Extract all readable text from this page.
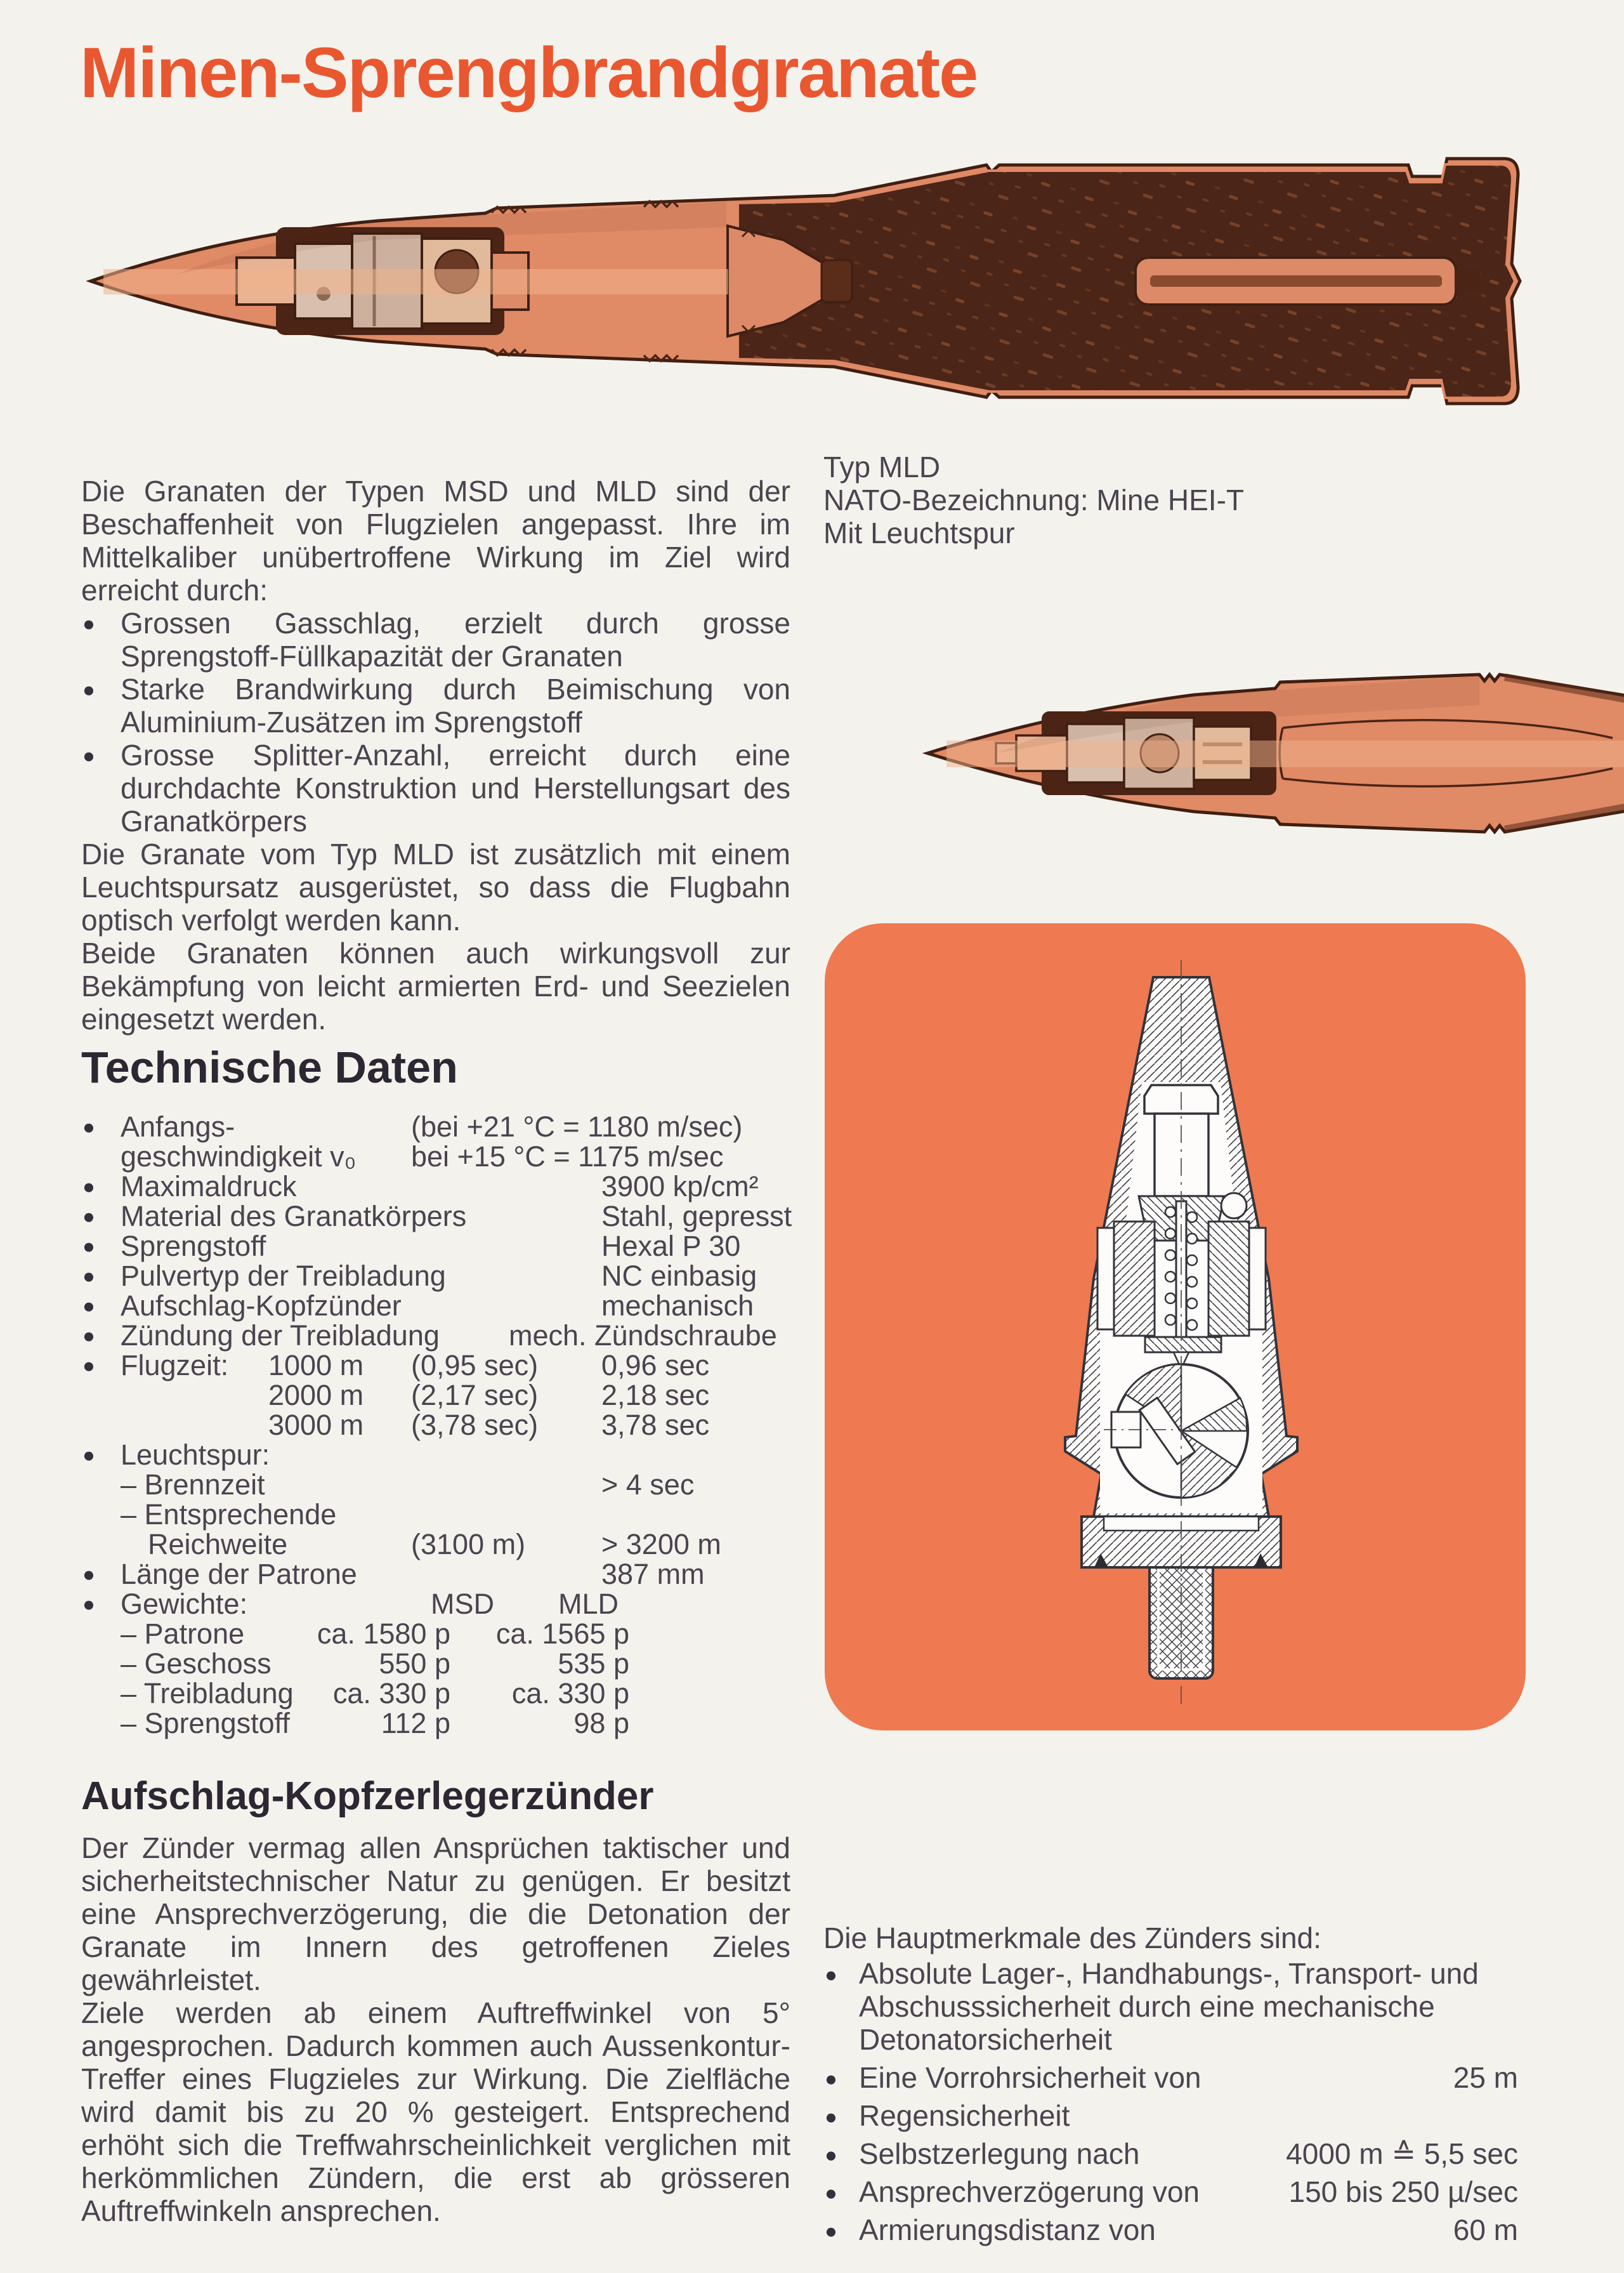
Minen-Sprengbrandgranate
Typ MLD
NATO-Bezeichnung: Mine HEI-T
Mit Leuchtspur

Die Granaten der Typen MSD und MLD sind der Beschaffenheit von Flugzielen angepasst. Ihre im Mittelkaliber unübertroffene Wirkung im Ziel wird erreicht durch:

● Grossen Gasschlag, erzielt durch grosse Sprengstoff-Füllkapazität der Granaten
● Starke Brandwirkung durch Beimischung von Aluminium-Zusätzen im Sprengstoff
● Grosse Splitter-Anzahl, erreicht durch eine durchdachte Konstruktion und Herstellungsart des Granatkörpers

Die Granate vom Typ MLD ist zusätzlich mit einem Leuchtspursatz ausgerüstet, so dass die Flugbahn optisch verfolgt werden kann.

Beide Granaten können auch wirkungsvoll zur Bekämpfung von leicht armierten Erd- und Seezielen eingesetzt werden.

Technische Daten
● Anfangs-	(bei +21 °C = 1180 m/sec)
geschwindigkeit v₀ bei +15 °C = 1175 m/sec
● Maximaldruck	3900 kp/cm²
● Material des Granatkörpers	Stahl, gepresst
● Sprengstoff	Hexal P 30
● Pulvertyp der Treibladung	NC einbasig
● Aufschlag-Kopfzünder	mechanisch
● Zündung der Treibladung mech. Zündschraube
● Flugzeit: 1000 m (0,95 sec) 0,96 sec
2000 m (2,17 sec) 2,18 sec
3000 m (3,78 sec) 3,78 sec
● Leuchtspur:
– Brennzeit	> 4 sec
– Entsprechende
Reichweite	(3100 m)	> 3200 m
● Länge der Patrone	387 mm
● Gewichte:	MSD MLD
– Patrone	ca. 1580 p ca. 1565 p
– Geschoss	550 p	535 p
– Treibladung ca. 330 p ca. 330 p
– Sprengstoff	112 p	98 p
Aufschlag-Kopfzerlegerzünder

Der Zünder vermag allen Ansprüchen taktischer und sicherheitstechnischer Natur zu genügen. Er besitzt eine Ansprechverzögerung, die die Detonation der Granate im Innern des getroffenen Zieles gewährleistet.

Ziele werden ab einem Auftreffwinkel von 5° angesprochen. Dadurch kommen auch Aussenkontur-Treffer eines Flugzieles zur Wirkung. Die Zielfläche wird damit bis zu 20 % gesteigert. Entsprechend erhöht sich die Treffwahrscheinlichkeit verglichen mit herkömmlichen Zündern, die erst ab grösseren Auftreffwinkeln ansprechen.

Die Hauptmerkmale des Zünders sind:

● Absolute Lager-, Handhabungs-, Transport- und Abschusssicherheit durch eine mechanische Detonatorsicherheit
● Eine Vorrohrsicherheit von	25 m
● Regensicherheit
● Selbstzerlegung nach	4000 m ≙ 5,5 sec
● Ansprechverzögerung von	150 bis 250 µ/sec
● Armierungsdistanz von	60 m
